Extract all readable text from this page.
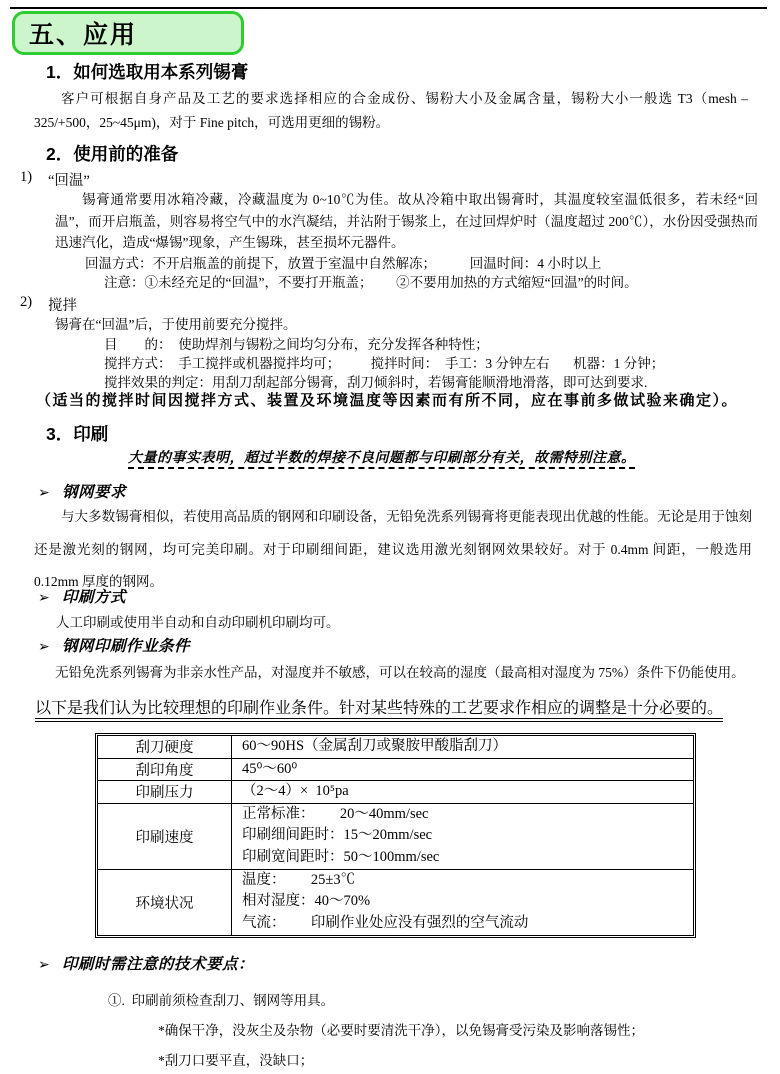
五、应用
1．如何选取用本系列锡膏
客户可根据自身产品及工艺的要求选择相应的合金成份、锡粉大小及金属含量，锡粉大小一般选 T3（mesh –325/+500，25~45μm)，对于 Fine pitch，可选用更细的锡粉。
2．使用前的准备
1)	“回温”
锡膏通常要用冰箱冷藏，冷藏温度为 0~10℃为佳。故从冷箱中取出锡膏时，其温度较室温低很多，若未经“回温”，而开启瓶盖，则容易将空气中的水汽凝结，并沾附于锡浆上，在过回焊炉时（温度超过 200℃），水份因受强热而迅速汽化，造成“爆锡”现象，产生锡珠，甚至损坏元器件。
回温方式：不开启瓶盖的前提下，放置于室温中自然解冻；          回温时间：4 小时以上
注意：①未经充足的“回温”，不要打开瓶盖；       ②不要用加热的方式缩短“回温”的时间。
2)	搅拌
锡膏在“回温”后，于使用前要充分搅拌。
目　　的：　使助焊剂与锡粉之间均匀分布，充分发挥各种特性；
搅拌方式：　手工搅拌或机器搅拌均可；         搅拌时间：　手工：3 分钟左右       机器：1 分钟；
搅拌效果的判定：用刮刀刮起部分锡膏，刮刀倾斜时，若锡膏能顺滑地滑落，即可达到要求.
（适当的搅拌时间因搅拌方式、装置及环境温度等因素而有所不同，应在事前多做试验来确定）。
3．印刷
大量的事实表明，超过半数的焊接不良问题都与印刷部分有关，故需特别注意。
➢ 钢网要求
与大多数锡膏相似，若使用高品质的钢网和印刷设备，无铅免洗系列锡膏将更能表现出优越的性能。无论是用于蚀刻还是激光刻的钢网，均可完美印刷。对于印刷细间距，建议选用激光刻钢网效果较好。对于 0.4mm 间距，一般选用 0.12mm 厚度的钢网。
➢ 印刷方式
人工印刷或使用半自动和自动印刷机印刷均可。
➢ 钢网印刷作业条件
无铅免洗系列锡膏为非亲水性产品，对湿度并不敏感，可以在较高的湿度（最高相对湿度为 75%）条件下仍能使用。
以下是我们认为比较理想的印刷作业条件。针对某些特殊的工艺要求作相应的调整是十分必要的。
刮刀硬度	60～90HS（金属刮刀或聚胺甲酸脂刮刀）

刮印角度	45⁰～60⁰

印刷压力	（2～4）×  10⁵pa

印刷速度	正常标准：       20～40mm/sec
印刷细间距时：15～20mm/sec
印刷宽间距时：50～100mm/sec

环境状况	温度：       25±3℃
相对湿度：40～70%
气流：       印刷作业处应没有强烈的空气流动
➢ 印刷时需注意的技术要点：
①.  印刷前须检查刮刀、钢网等用具。
*确保干净，没灰尘及杂物（必要时要清洗干净），以免锡膏受污染及影响落锡性；
*刮刀口要平直，没缺口；
